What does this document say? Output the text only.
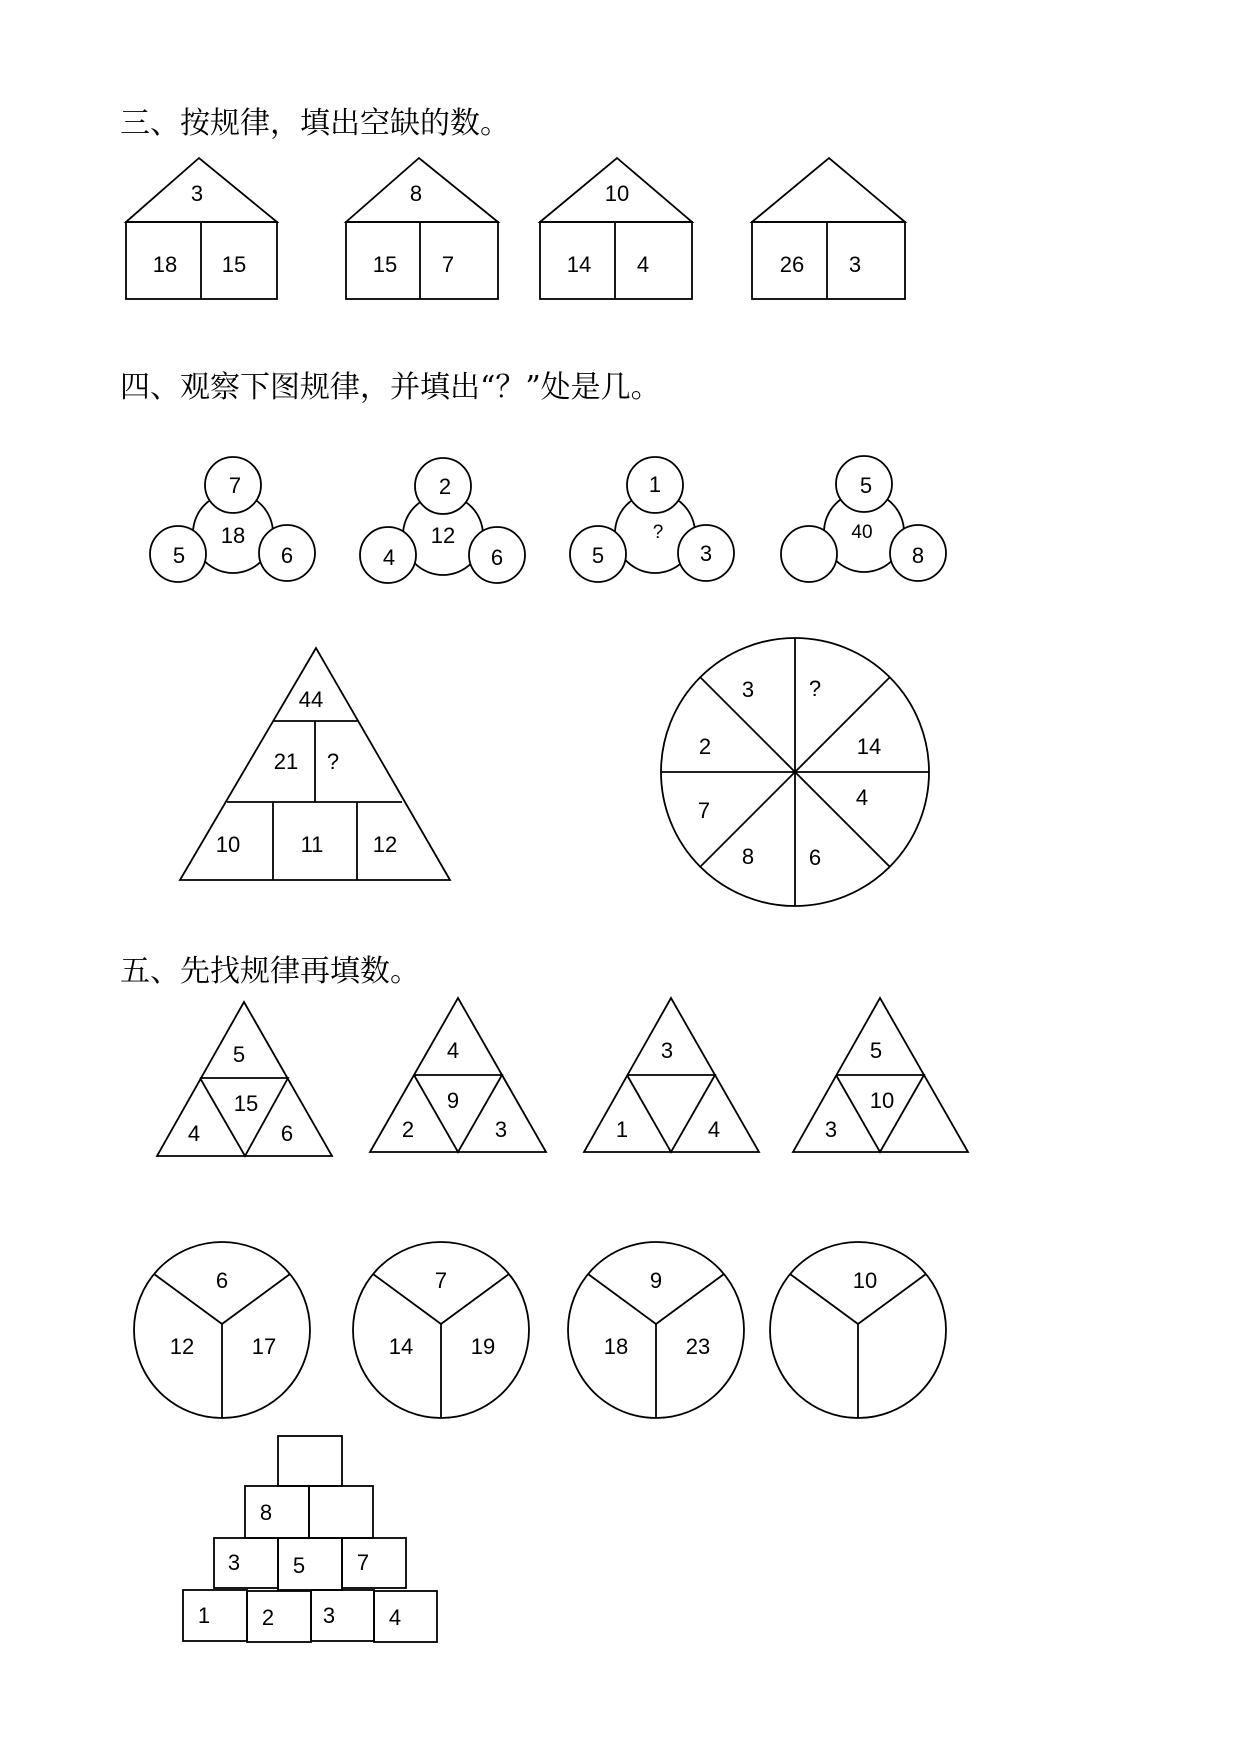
三、按规律，填出空缺的数。
四、观察下图规律，并填出“？”处是几。
五、先找规律再填数。
3
18 15
8
15 7
10
14 4	26 3
7
18
5	6
2
12
4	6
1
?
5	3
5
40
8
44
21 ?
10	11 12
3 ?
14
4
6
8
7
2
5
15
4	6
4
9
2	3
3
1	4
5
10
3
6
12	17
7
14	19
9
18	23
10
8
3 5 7
1 2 3 4
